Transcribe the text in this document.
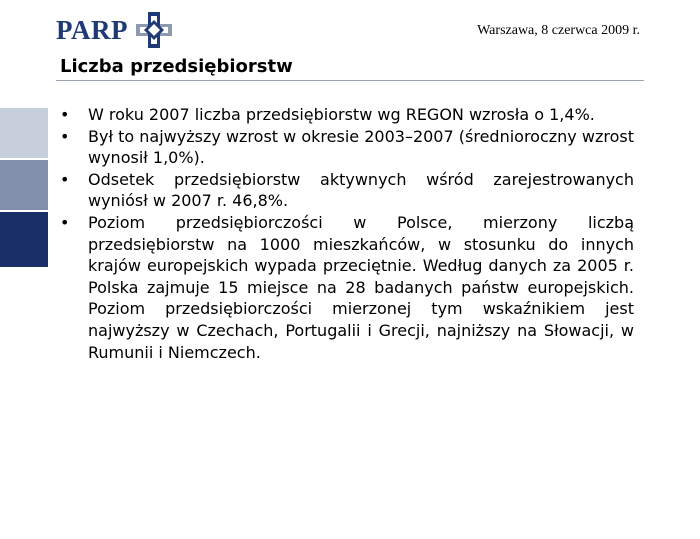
PARP	Warszawa, 8 czerwca 2009 r.
Liczba przedsiębiorstw
• W roku 2007 liczba przedsiębiorstw wg REGON wzrosła o 1,4%.
• Był to najwyższy wzrost w okresie 2003–2007 (średnioroczny wzrost wynosił 1,0%).
• Odsetek przedsiębiorstw aktywnych wśród zarejestrowanych wyniósł w 2007 r. 46,8%.
• Poziom przedsiębiorczości w Polsce, mierzony liczbą przedsiębiorstw na 1000 mieszkańców, w stosunku do innych krajów europejskich wypada przeciętnie. Według danych za 2005 r. Polska zajmuje 15 miejsce na 28 badanych państw europejskich. Poziom przedsiębiorczości mierzonej tym wskaźnikiem jest najwyższy w Czechach, Portugalii i Grecji, najniższy na Słowacji, w Rumunii i Niemczech.
